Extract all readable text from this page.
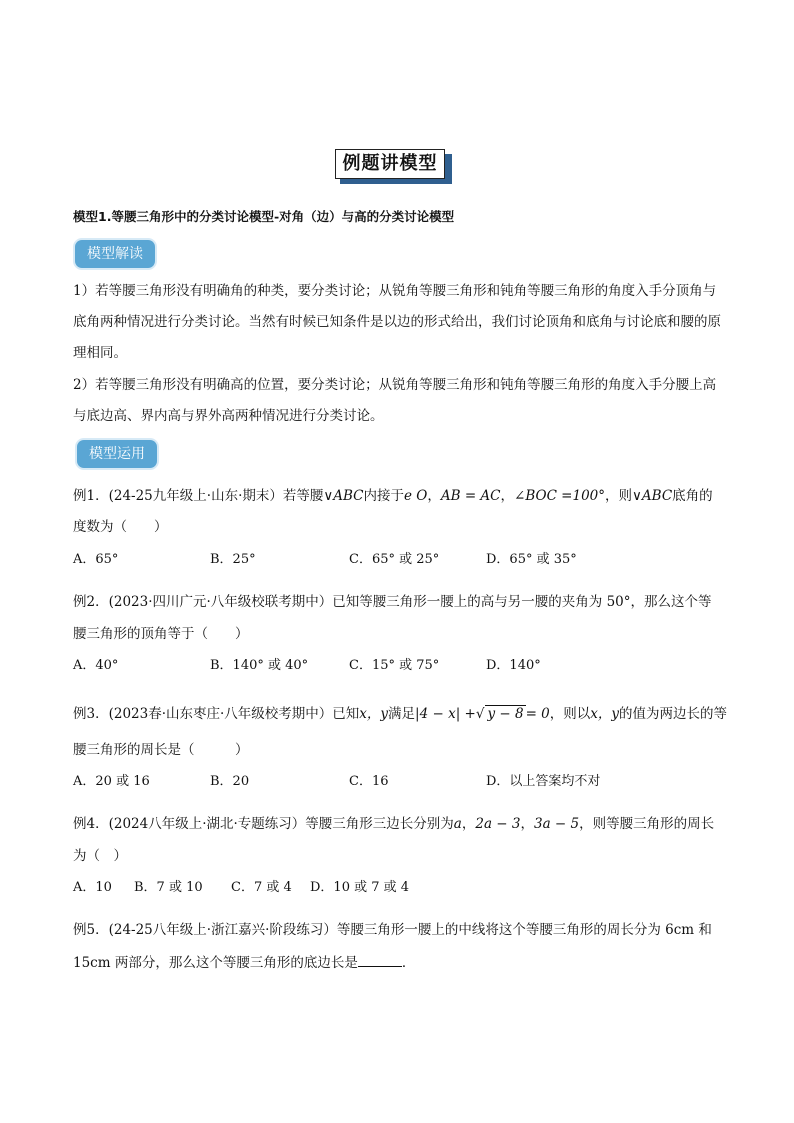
例题讲模型
模型1.等腰三角形中的分类讨论模型-对角（边）与高的分类讨论模型
模型解读
1）若等腰三角形没有明确角的种类，要分类讨论；从锐角等腰三角形和钝角等腰三角形的角度入手分顶角与底角两种情况进行分类讨论。当然有时候已知条件是以边的形式给出，我们讨论顶角和底角与讨论底和腰的原理相同。
2）若等腰三角形没有明确高的位置，要分类讨论；从锐角等腰三角形和钝角等腰三角形的角度入手分腰上高与底边高、界内高与界外高两种情况进行分类讨论。
模型运用
例1．(24-25九年级上·山东·期末）若等腰∨ABC内接于e O，AB = AC，∠BOC =100°，则∨ABC底角的
度数为（　　）
A．65°	B．25°	C．65° 或 25°	D．65° 或 35°
例2．(2023·四川广元·八年级校联考期中）已知等腰三角形一腰上的高与另一腰的夹角为 50°，那么这个等
腰三角形的顶角等于（　　）
A．40°	B．140° 或 40°	C．15° 或 75°	D．140°
例3．(2023春·山东枣庄·八年级校考期中）已知x，y满足|4 − x| +√ y − 8 = 0，则以x，y的值为两边长的等
腰三角形的周长是（　　　）
A．20 或 16	B．20	C．16	D．以上答案均不对
例4．(2024八年级上·湖北·专题练习）等腰三角形三边长分别为a，2a − 3，3a − 5，则等腰三角形的周长
为（　）
A．10 B．7 或 10 C．7 或 4 D．10 或 7 或 4
例5．(24-25八年级上·浙江嘉兴·阶段练习）等腰三角形一腰上的中线将这个等腰三角形的周长分为 6cm 和
15cm 两部分，那么这个等腰三角形的底边长是	．
